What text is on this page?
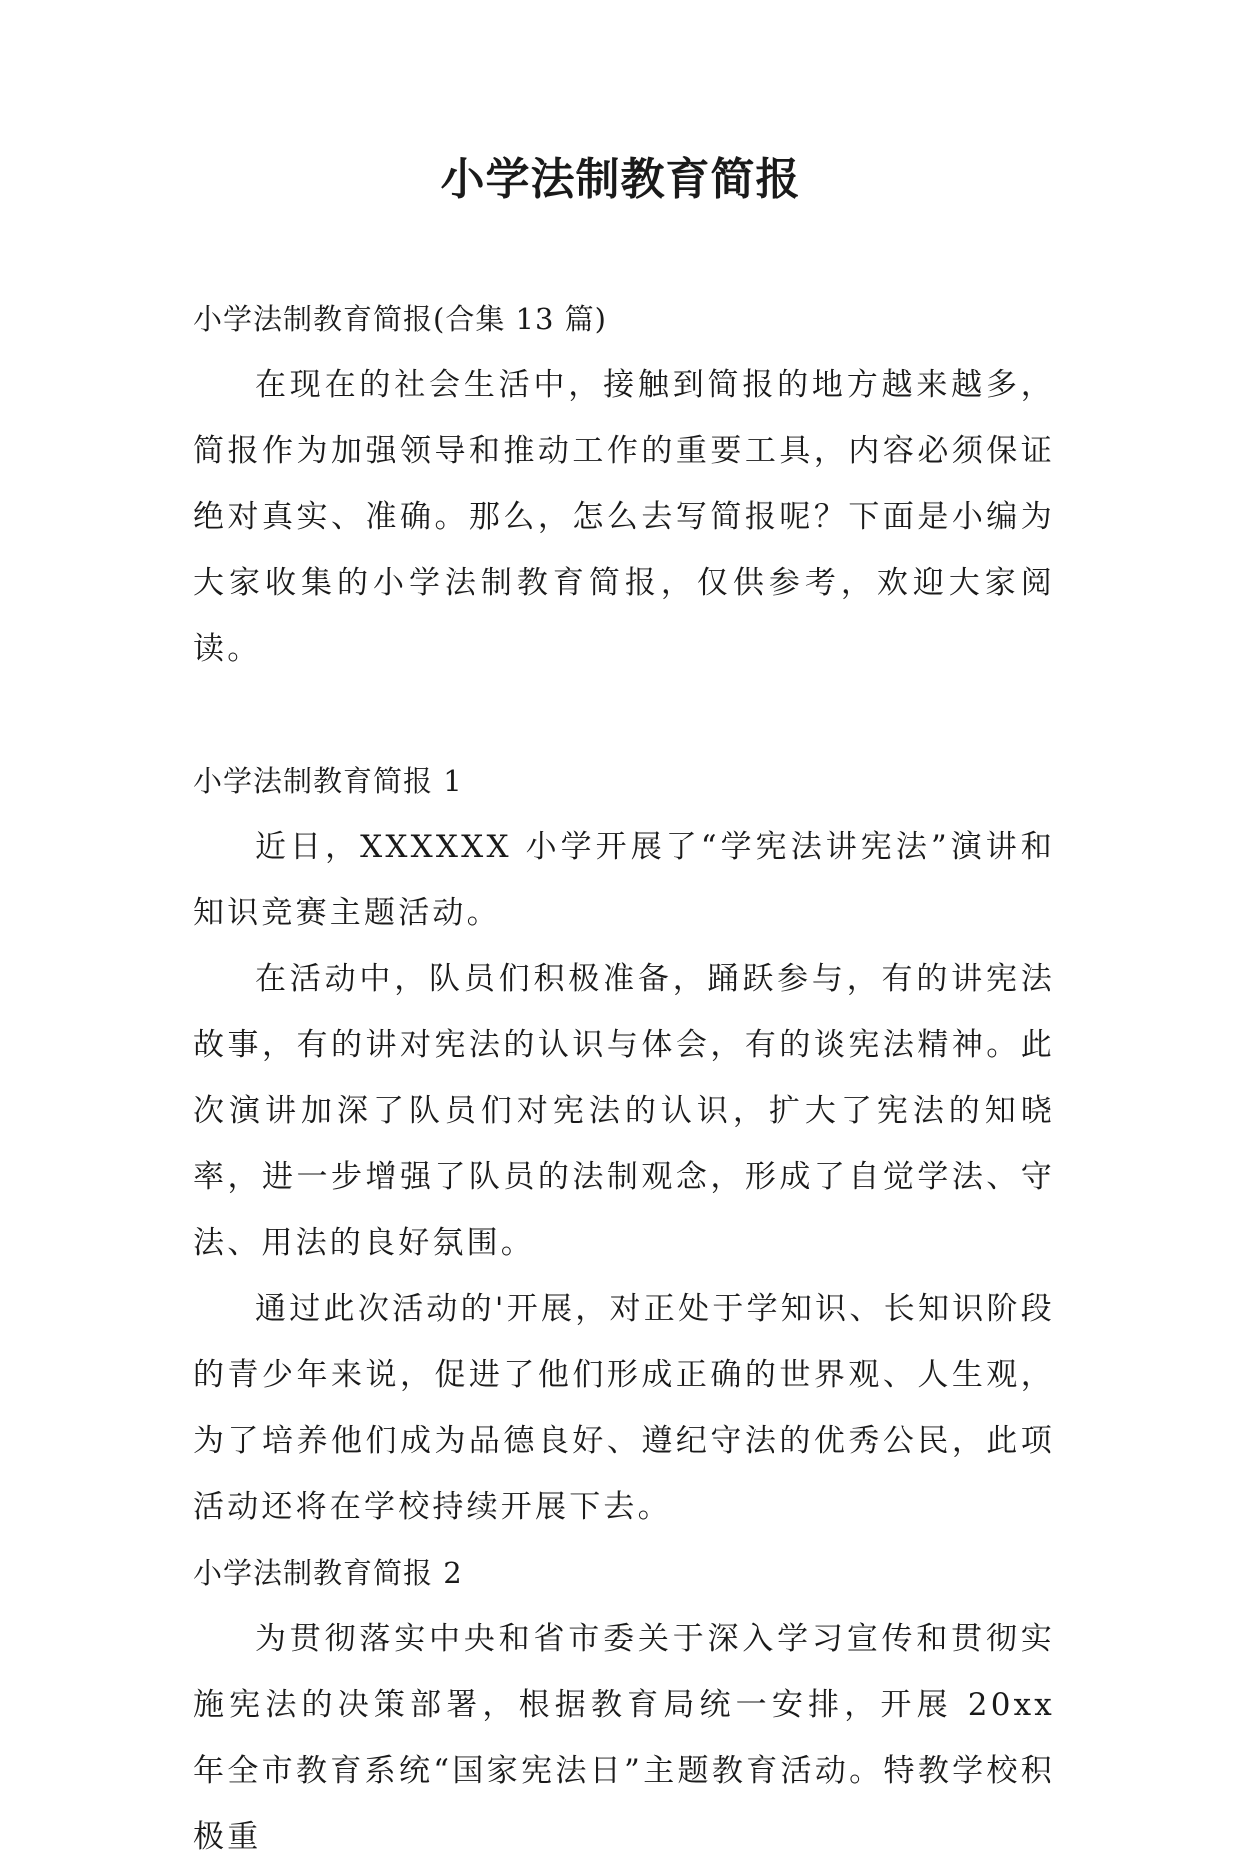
小学法制教育简报
小学法制教育简报(合集 13 篇)

在现在的社会生活中，接触到简报的地方越来越多，简报作为加强领导和推动工作的重要工具，内容必须保证绝对真实、准确。那么，怎么去写简报呢？下面是小编为大家收集的小学法制教育简报，仅供参考，欢迎大家阅读。

小学法制教育简报 1

近日，XXXXXX 小学开展了“学宪法讲宪法”演讲和知识竞赛主题活动。

在活动中，队员们积极准备，踊跃参与，有的讲宪法故事，有的讲对宪法的认识与体会，有的谈宪法精神。此次演讲加深了队员们对宪法的认识，扩大了宪法的知晓率，进一步增强了队员的法制观念，形成了自觉学法、守法、用法的良好氛围。

通过此次活动的'开展，对正处于学知识、长知识阶段的青少年来说，促进了他们形成正确的世界观、人生观，为了培养他们成为品德良好、遵纪守法的优秀公民，此项活动还将在学校持续开展下去。

小学法制教育简报 2

为贯彻落实中央和省市委关于深入学习宣传和贯彻实施宪法的决策部署，根据教育局统一安排，开展 20xx 年全市教育系统“国家宪法日”主题教育活动。特教学校积极重
